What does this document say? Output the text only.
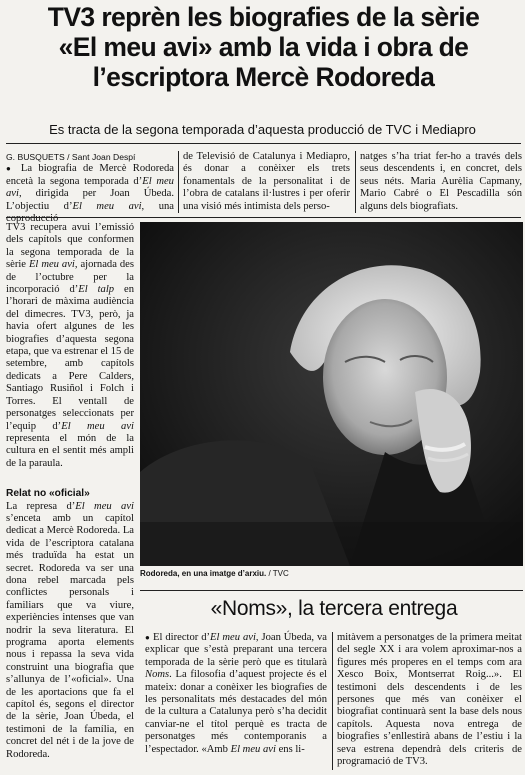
TV3 reprèn les biografies de la sèrie
«El meu avi» amb la vida i obra de
l’escriptora Mercè Rodoreda
Es tracta de la segona temporada d’aquesta producció de TVC i Mediapro
G. BUSQUETS / Sant Joan Despí
● La biografia de Mercè Rodoreda encetà la segona temporada d’El meu avi, dirigida per Joan Úbeda. L’objectiu d’El meu avi, una coproducció
de Televisió de Catalunya i Mediapro, és donar a conèixer els trets fonamentals de la personalitat i de l’obra de catalans il·lustres i per oferir una visió més intimista dels perso-
natges s’ha triat fer-ho a través dels seus descendents i, en concret, dels seus néts. Maria Aurèlia Capmany, Mario Cabré o El Pescadilla són alguns dels biografiats.
TV3 recupera avui l’emissió dels capítols que conformen la segona temporada de la sèrie El meu avi, ajornada des de l’octubre per la incorporació d’El talp en l’horari de màxima audiència del dimecres. TV3, però, ja havia ofert algunes de les biografies d’aquesta segona etapa, que va estrenar el 15 de setembre, amb capítols dedicats a Pere Calders, Santiago Rusiñol i Folch i Torres. El ventall de personatges seleccionats per l’equip d’El meu avi representa el món de la cultura en el sentit més ampli de la paraula.
Relat no «oficial»
La represa d’El meu avi s’enceta amb un capítol dedicat a Mercè Rodoreda. La vida de l’escriptora catalana més traduïda ha estat un secret. Rodoreda va ser una dona rebel marcada pels conflictes personals i familiars que va viure, experiències intenses que van nodrir la seva literatura. El programa aporta elements nous i repassa la seva vida construint una biografia que s’allunya de l’«oficial». Una de les aportacions que fa el capítol és, segons el director de la sèrie, Joan Úbeda, el testimoni de la família, en concret del nét i de la jove de Rodoreda.
Rodoreda, en una imatge d’arxiu. / TVC
«Noms», la tercera entrega
● El director d’El meu avi, Joan Úbeda, va explicar que s’està preparant una tercera temporada de la sèrie però que es titularà Noms. La filosofia d’aquest projecte és el mateix: donar a conèixer les biografies de les personalitats més destacades del món de la cultura a Catalunya però s’ha decidit canviar-ne el títol perquè es tracta de personatges més contemporanis a l’espectador. «Amb El meu avi ens li-
mitàvem a personatges de la primera meitat del segle XX i ara volem aproximar-nos a figures més properes en el temps com ara Xesco Boix, Montserrat Roig...». El testimoni dels descendents i de les persones que més van conèixer el biografiat continuarà sent la base dels nous capítols. Aquesta nova entrega de biografies s’enllestirà abans de l’estiu i la seva estrena dependrà dels criteris de programació de TV3.
